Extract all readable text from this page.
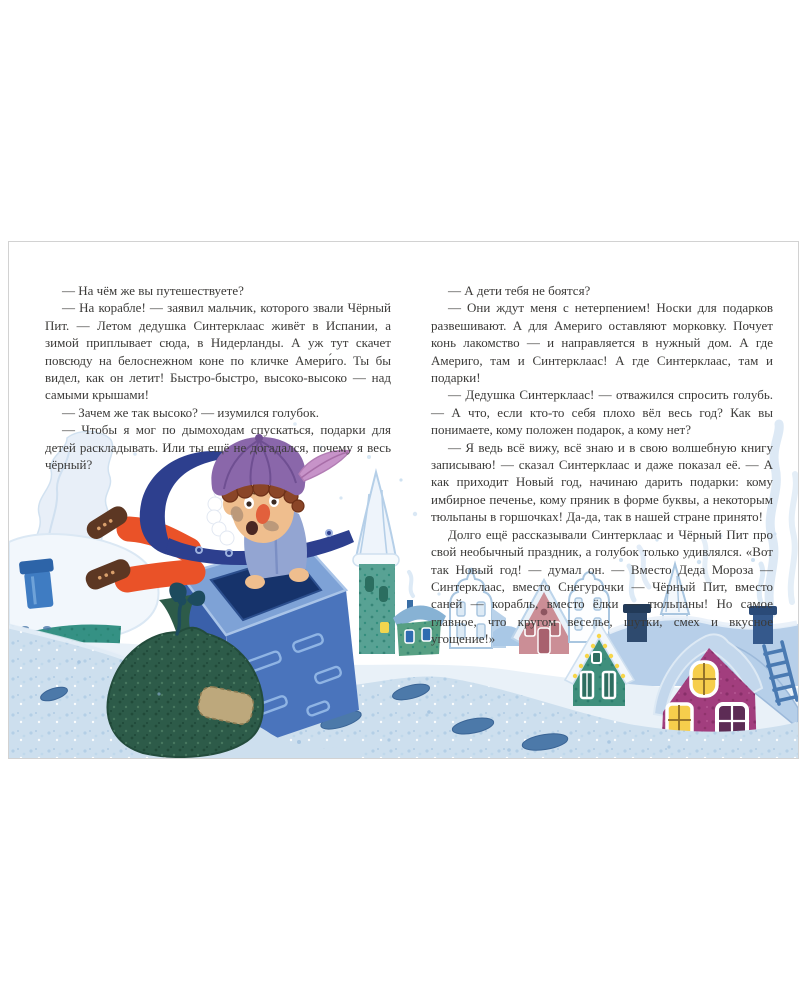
— На чём же вы путешествуете?

— На корабле! — заявил мальчик, которого звали Чёрный Пит. — Летом дедушка Синтерклаас живёт в Испании, а зимой приплывает сюда, в Нидерланды. А уж тут скачет повсюду на белоснежном коне по кличке Амери́го. Ты бы видел, как он летит! Быстро-быстро, высоко-высоко — над самыми крышами!

— Зачем же так высоко? — изумился голубок.

— Чтобы я мог по дымоходам спускаться, подарки для детей раскладывать. Или ты ещё не догадался, почему я весь чёрный?

— А дети тебя не боятся?

— Они ждут меня с нетерпением! Носки для подарков развешивают. А для Америго оставляют морковку. Почует конь лакомство — и направляется в нужный дом. А где Америго, там и Синтерклаас! А где Синтерклаас, там и подарки!

— Дедушка Синтерклаас! — отважился спросить голубь. — А что, если кто-то себя плохо вёл весь год? Как вы понимаете, кому положен подарок, а кому нет?

— Я ведь всё вижу, всё знаю и в свою волшебную книгу записываю! — сказал Синтерклаас и даже показал её. — А как приходит Новый год, начинаю дарить подарки: кому имбирное печенье, кому пряник в форме буквы, а некоторым тюльпаны в горшочках! Да-да, так в нашей стране принято!

Долго ещё рассказывали Синтерклаас и Чёрный Пит про свой необычный праздник, а голубок только удивлялся. «Вот так Новый год! — думал он. — Вместо Деда Мороза — Синтерклаас, вместо Снегурочки — Чёрный Пит, вместо саней — корабль, вместо ёлки — тюльпаны! Но самое главное, что кругом веселье, шутки, смех и вкусное угощение!»
